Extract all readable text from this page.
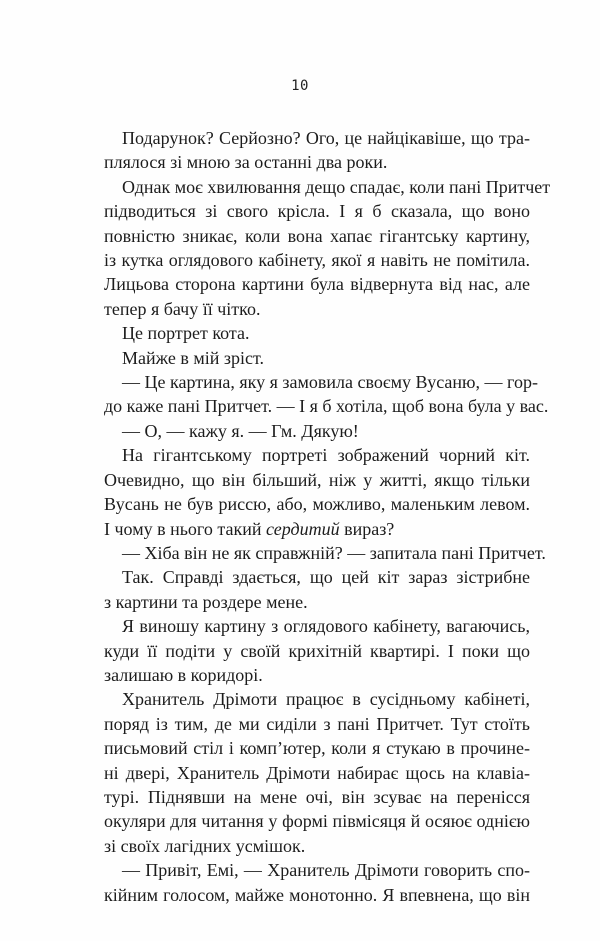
10
Подарунок? Серйозно? Ого, це найцікавіше, що тра-
плялося зі мною за останні два роки.
Однак моє хвилювання дещо спадає, коли пані Притчет
підводиться зі свого крісла. І я б сказала, що воно
повністю зникає, коли вона хапає гігантську картину,
із кутка оглядового кабінету, якої я навіть не помітила.
Лицьова сторона картини була відвернута від нас, але
тепер я бачу її чітко.
Це портрет кота.
Майже в мій зріст.
— Це картина, яку я замовила своєму Вусаню, — гор-
до каже пані Притчет. — І я б хотіла, щоб вона була у вас.
— О, — кажу я. — Гм. Дякую!
На гігантському портреті зображений чорний кіт.
Очевидно, що він більший, ніж у житті, якщо тільки
Вусань не був риссю, або, можливо, маленьким левом.
І чому в нього такий сердитий вираз?
— Хіба він не як справжній? — запитала пані Притчет.
Так. Справді здається, що цей кіт зараз зістрибне
з картини та роздере мене.
Я виношу картину з оглядового кабінету, вагаючись,
куди її подіти у своїй крихітній квартирі. І поки що
залишаю в коридорі.
Хранитель Дрімоти працює в сусідньому кабінеті,
поряд із тим, де ми сиділи з пані Притчет. Тут стоїть
письмовий стіл і комп’ютер, коли я стукаю в прочине-
ні двері, Хранитель Дрімоти набирає щось на клавіа-
турі. Піднявши на мене очі, він зсуває на перенісся
окуляри для читання у формі півмісяця й осяює однією
зі своїх лагідних усмішок.
— Привіт, Емі, — Хранитель Дрімоти говорить спо-
кійним голосом, майже монотонно. Я впевнена, що він
